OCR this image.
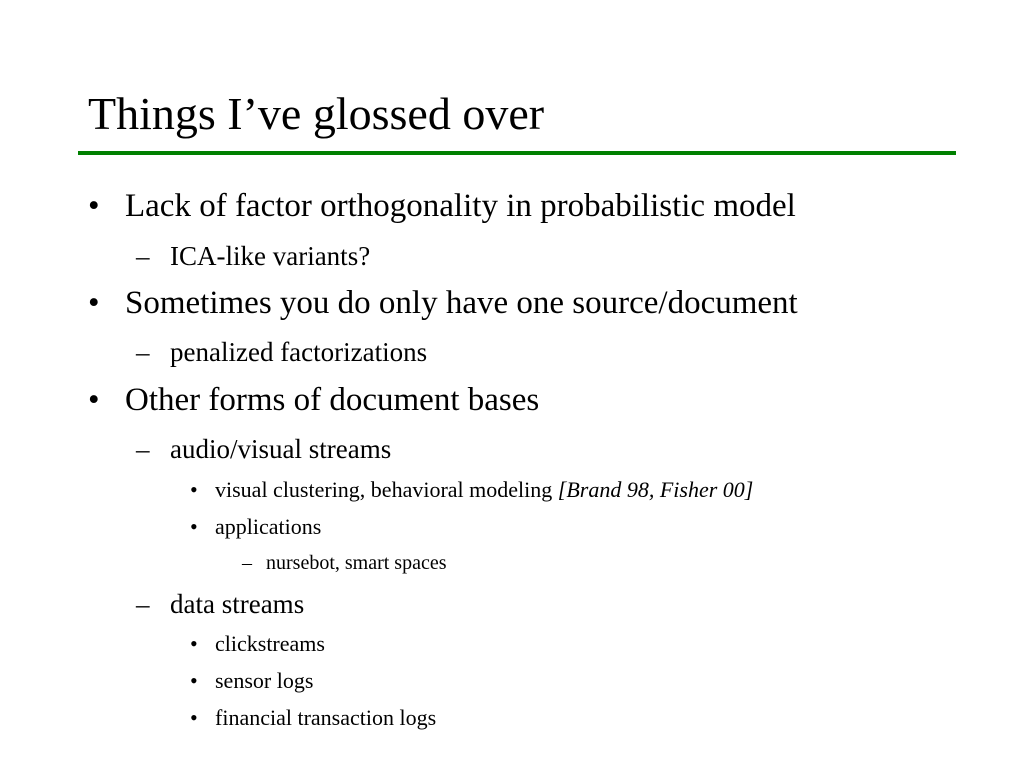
Things I’ve glossed over
• Lack of factor orthogonality in probabilistic model
– ICA-like variants?
• Sometimes you do only have one source/document
– penalized factorizations
• Other forms of document bases
– audio/visual streams
• visual clustering, behavioral modeling [Brand 98, Fisher 00]
• applications
– nursebot, smart spaces
– data streams
• clickstreams
• sensor logs
• financial transaction logs
